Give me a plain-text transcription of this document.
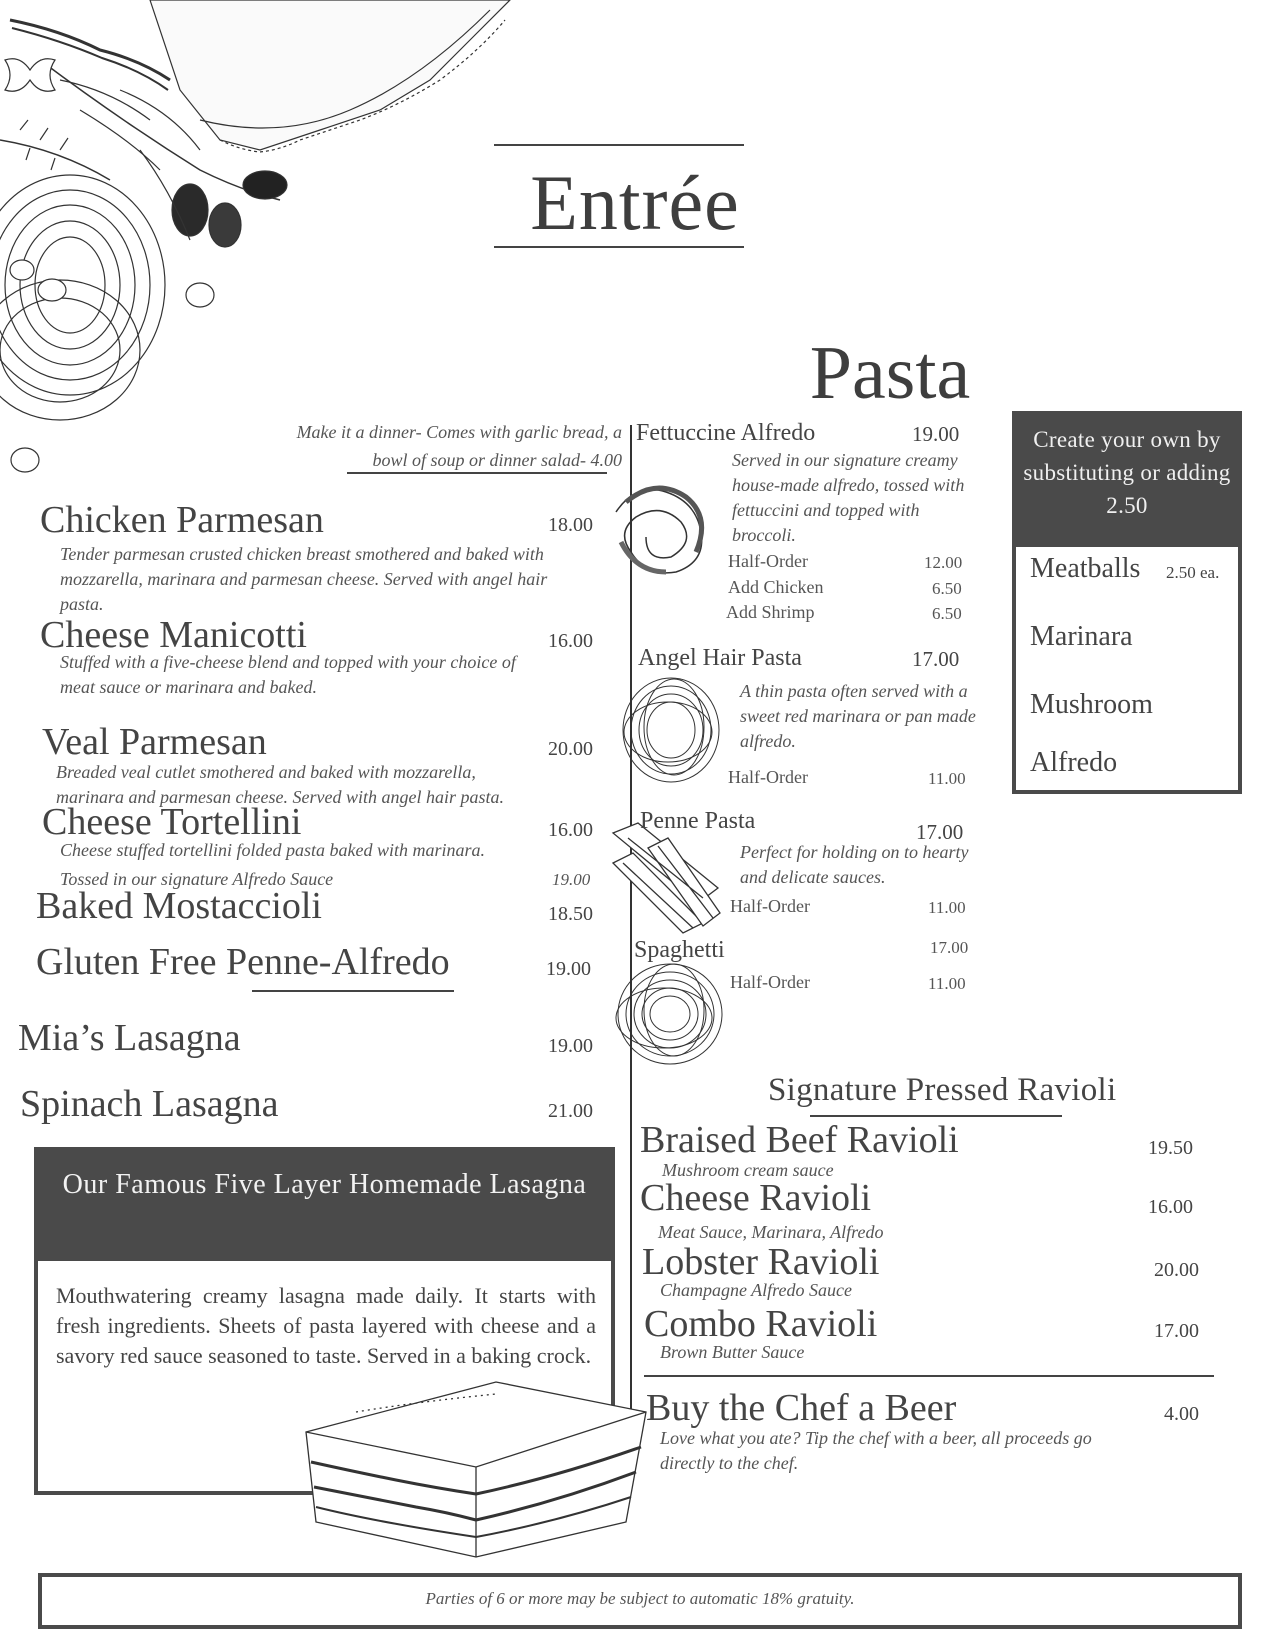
Entrée
Pasta
Make it a dinner- Comes with garlic bread, a
bowl of soup or dinner salad- 4.00
Chicken Parmesan	18.00
Tender parmesan crusted chicken breast smothered and baked with mozzarella, marinara and parmesan cheese. Served with angel hair pasta.
Cheese Manicotti	16.00
Stuffed with a five-cheese blend and topped with your choice of meat sauce or marinara and baked.
Veal Parmesan	20.00
Breaded veal cutlet smothered and baked with mozzarella, marinara and parmesan cheese. Served with angel hair pasta.
Cheese Tortellini	16.00
Cheese stuffed tortellini folded pasta baked with marinara.
Tossed in our signature Alfredo Sauce	19.00
Baked Mostaccioli	18.50
Gluten Free Penne-Alfredo	19.00
Mia’s Lasagna	19.00
Spinach Lasagna	21.00
Our Famous Five Layer Homemade Lasagna
Mouthwatering creamy lasagna made daily. It starts with fresh ingredients. Sheets of pasta layered with cheese and a savory red sauce seasoned to taste. Served in a baking crock.
Fettuccine Alfredo	19.00
Served in our signature creamy house-made alfredo, tossed with fettuccini and topped with broccoli.
Half-Order	12.00
Add Chicken	6.50
Add Shrimp	6.50
Angel Hair Pasta	17.00
A thin pasta often served with a sweet red marinara or pan made alfredo.
Half-Order	11.00
Penne Pasta	17.00
Perfect for holding on to hearty and delicate sauces.
Half-Order	11.00
Spaghetti	17.00
Half-Order	11.00
Create your own by substituting or adding 2.50
Meatballs 2.50 ea.
Marinara
Mushroom
Alfredo
Signature Pressed Ravioli
Braised Beef Ravioli	19.50
Mushroom cream sauce
Cheese Ravioli	16.00
Meat Sauce, Marinara, Alfredo
Lobster Ravioli	20.00
Champagne Alfredo Sauce
Combo Ravioli	17.00
Brown Butter Sauce
Buy the Chef a Beer	4.00
Love what you ate? Tip the chef with a beer, all proceeds go directly to the chef.
Parties of 6 or more may be subject to automatic 18% gratuity.
